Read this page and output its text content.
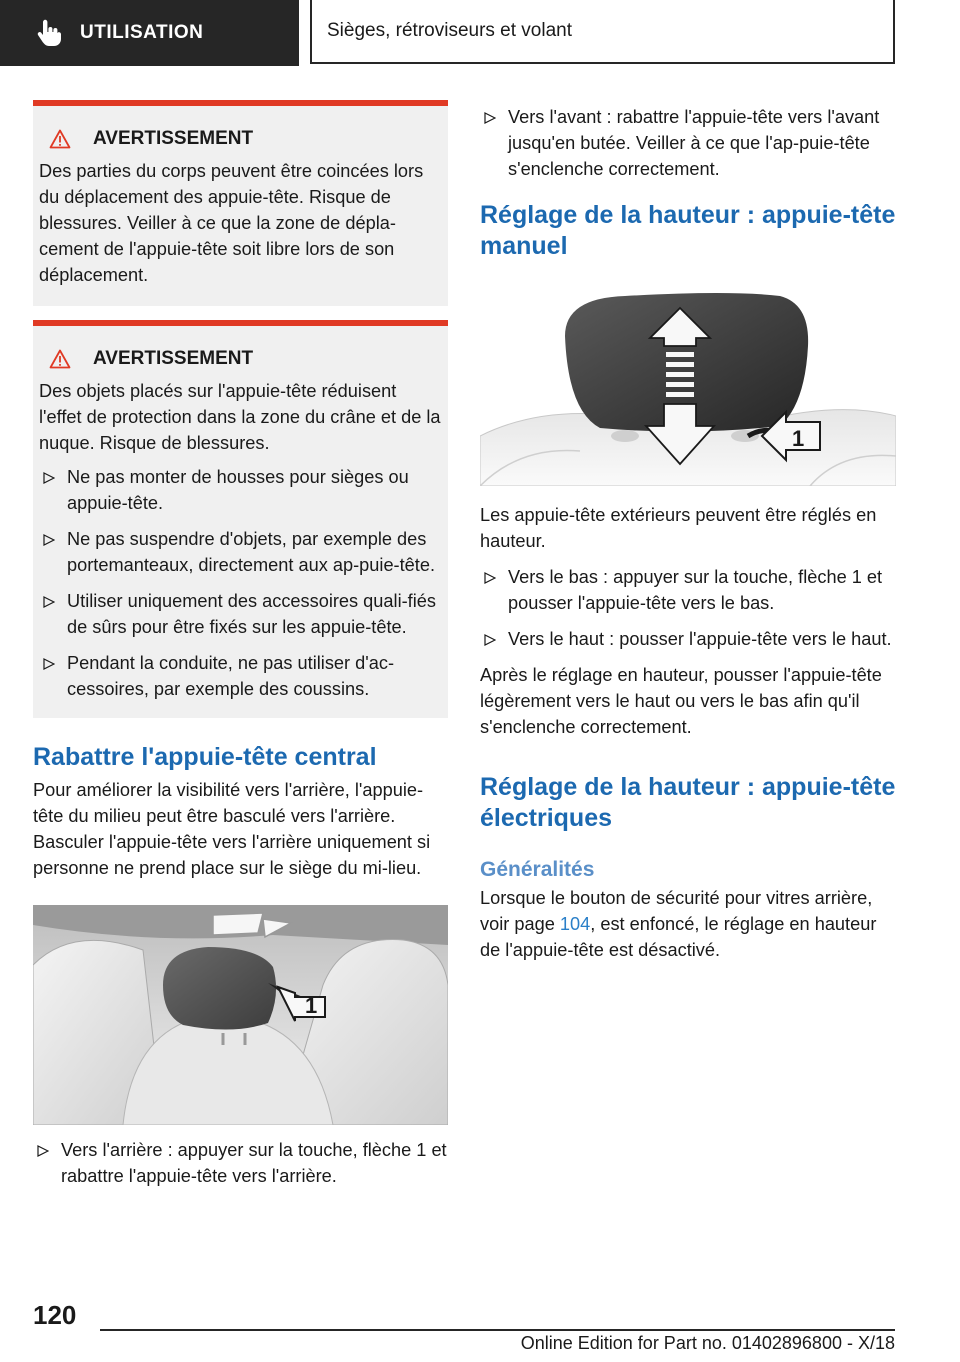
UTILISATION	Sièges, rétroviseurs et volant
AVERTISSEMENT

Des parties du corps peuvent être coincées lors du déplacement des appuie-tête. Risque de blessures. Veiller à ce que la zone de dépla-cement de l'appuie-tête soit libre lors de son déplacement.

AVERTISSEMENT

Des objets placés sur l'appuie-tête réduisent l'effet de protection dans la zone du crâne et de la nuque. Risque de blessures.

Ne pas monter de housses pour sièges ou appuie-tête.
Ne pas suspendre d'objets, par exemple des portemanteaux, directement aux ap-puie-tête.
Utiliser uniquement des accessoires quali-fiés de sûrs pour être fixés sur les appuie-tête.
Pendant la conduite, ne pas utiliser d'ac-cessoires, par exemple des coussins.
Rabattre l'appuie-tête central

Pour améliorer la visibilité vers l'arrière, l'appuie-tête du milieu peut être basculé vers l'arrière. Basculer l'appuie-tête vers l'arrière uniquement si personne ne prend place sur le siège du mi-lieu.

1
Vers l'arrière : appuyer sur la touche, flèche 1 et rabattre l'appuie-tête vers l'arrière.
Vers l'avant : rabattre l'appuie-tête vers l'avant jusqu'en butée. Veiller à ce que l'ap-puie-tête s'enclenche correctement.
Réglage de la hauteur : appuie-tête manuel
1

Les appuie-tête extérieurs peuvent être réglés en hauteur.

Vers le bas : appuyer sur la touche, flèche 1 et pousser l'appuie-tête vers le bas.
Vers le haut : pousser l'appuie-tête vers le haut.

Après le réglage en hauteur, pousser l'appuie-tête légèrement vers le haut ou vers le bas afin qu'il s'enclenche correctement.

Réglage de la hauteur : appuie-tête électriques
Généralités

Lorsque le bouton de sécurité pour vitres arrière, voir page 104, est enfoncé, le réglage en hauteur de l'appuie-tête est désactivé.

120
Online Edition for Part no. 01402896800 - X/18
